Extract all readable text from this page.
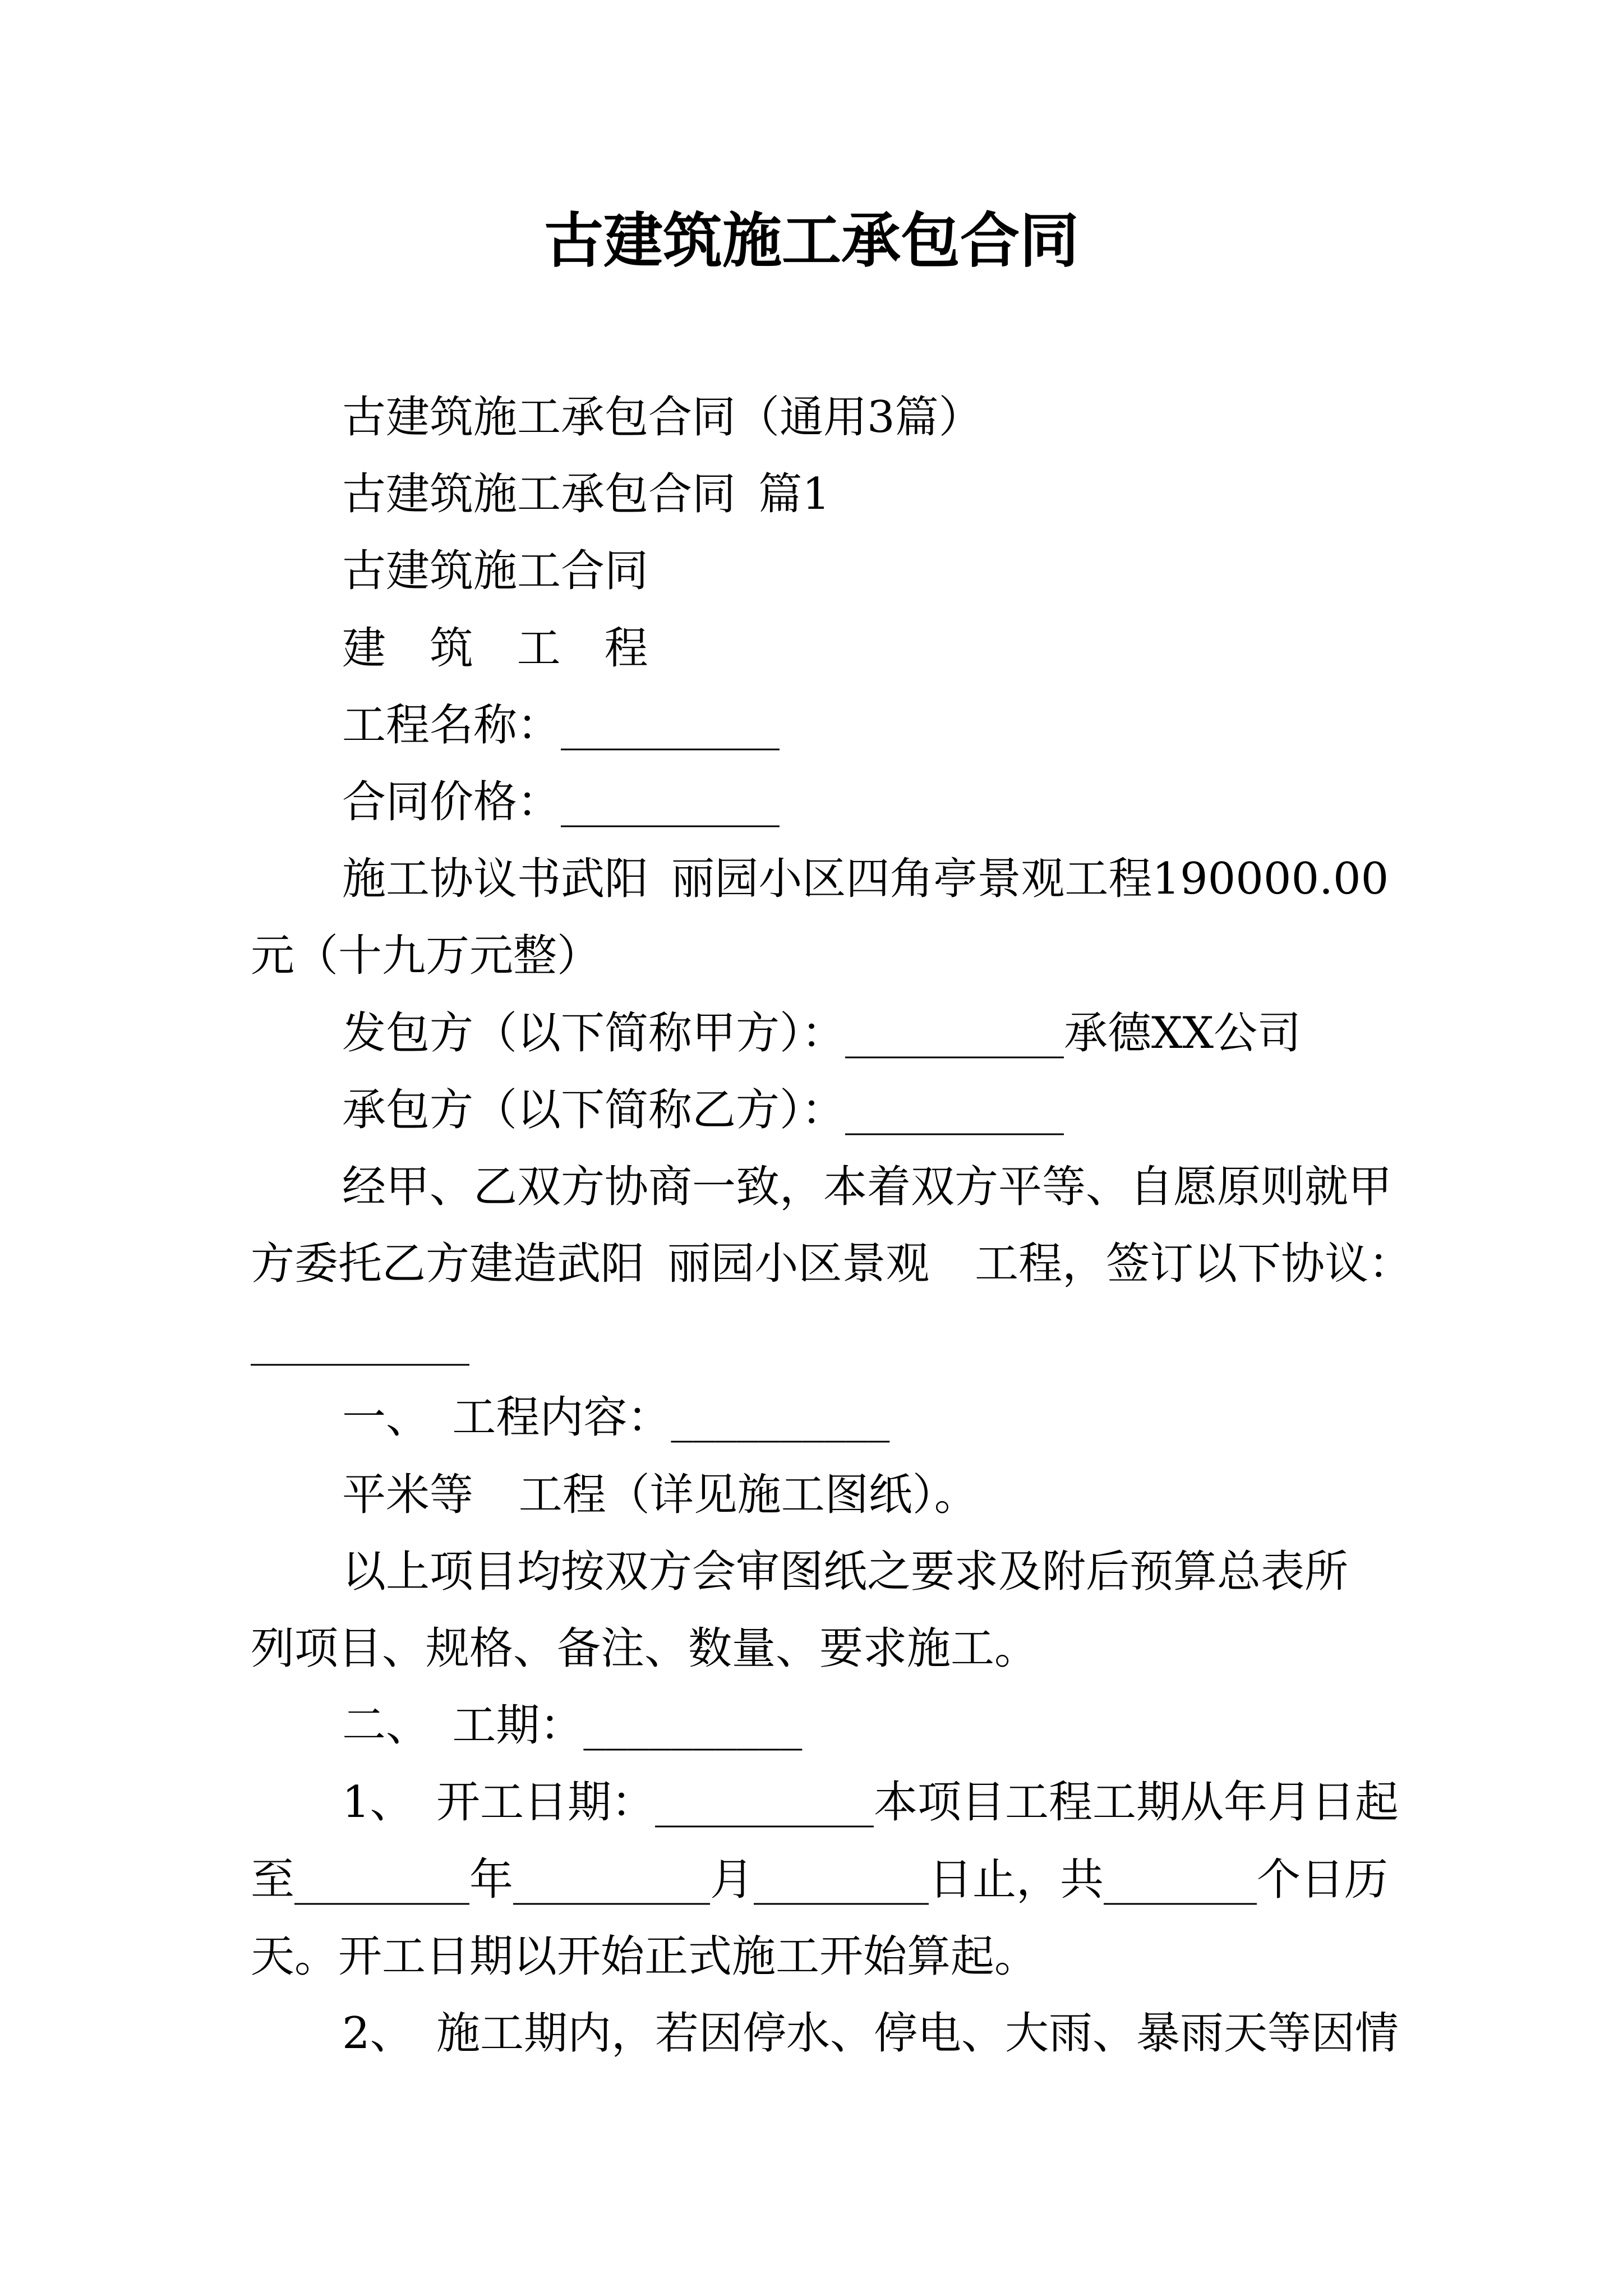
古建筑施工承包合同
古建筑施工承包合同（通用3篇）
古建筑施工承包合同 篇1
古建筑施工合同
建 筑 工 程
工程名称：__________
合同价格：__________
施工协议书武阳 丽园小区四角亭景观工程190000.00
元（十九万元整）
发包方（以下简称甲方）：__________承德XX公司
承包方（以下简称乙方）：__________
经甲、乙双方协商一致，本着双方平等、自愿原则就甲
方委托乙方建造武阳 丽园小区景观  工程，签订以下协议：
__________
一、 工程内容：__________
平米等  工程（详见施工图纸）。
以上项目均按双方会审图纸之要求及附后预算总表所
列项目、规格、备注、数量、要求施工。
二、 工期：__________
1、 开工日期：__________本项目工程工期从年月日起
至________年_________月________日止，共_______个日历
天。开工日期以开始正式施工开始算起。
2、 施工期内，若因停水、停电、大雨、暴雨天等因情
